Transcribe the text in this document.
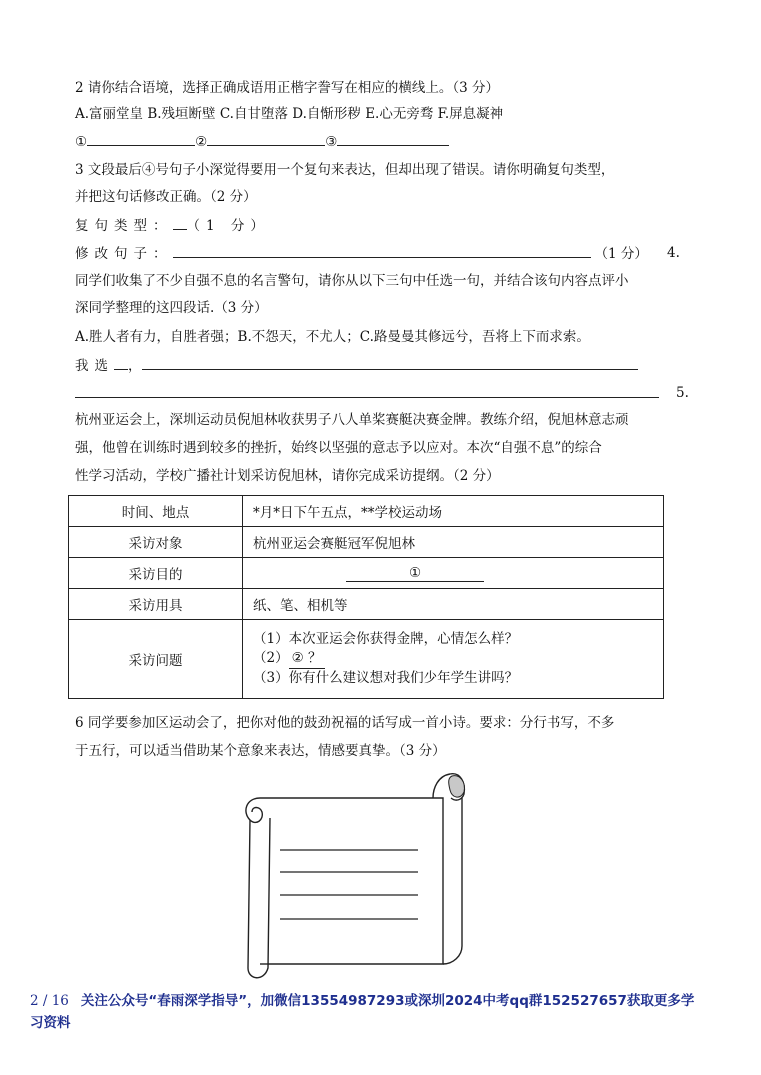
2 请你结合语境，选择正确成语用正楷字誊写在相应的横线上。（3 分）
A.富丽堂皇 B.残垣断壁 C.自甘堕落 D.自惭形秽 E.心无旁骛 F.屏息凝神
①	②	③
3 文段最后④号句子小深觉得要用一个复句来表达，但却出现了错误。请你明确复句类型，
并把这句话修改正确。（2 分）
复句类型： （1 分）
修改句子：	（1 分） 4.
同学们收集了不少自强不息的名言警句，请你从以下三句中任选一句，并结合该句内容点评小
深同学整理的这四段话.（3 分）
A.胜人者有力，自胜者强；B.不怨天，不尤人；C.路曼曼其修远兮，吾将上下而求索。
我选 ，
5.
杭州亚运会上，深圳运动员倪旭林收获男子八人单桨赛艇决赛金牌。教练介绍，倪旭林意志顽
强，他曾在训练时遇到较多的挫折，始终以坚强的意志予以应对。本次“自强不息”的综合
性学习活动，学校广播社计划采访倪旭林，请你完成采访提纲。（2 分）
时间、地点	*月*日下午五点，**学校运动场
采访对象	杭州亚运会赛艇冠军倪旭林
采访目的	①
采访用具	纸、笔、相机等
采访问题	（1）本次亚运会你获得金牌，心情怎么样？
（2） ② ？
（3）你有什么建议想对我们少年学生讲吗？
6 同学要参加区运动会了，把你对他的鼓劲祝福的话写成一首小诗。要求：分行书写，不多
于五行，可以适当借助某个意象来表达，情感要真挚。（3 分）
2 / 16 关注公众号“春雨深学指导”，加微信13554987293或深圳2024中考qq群152527657获取更多学
习资料
